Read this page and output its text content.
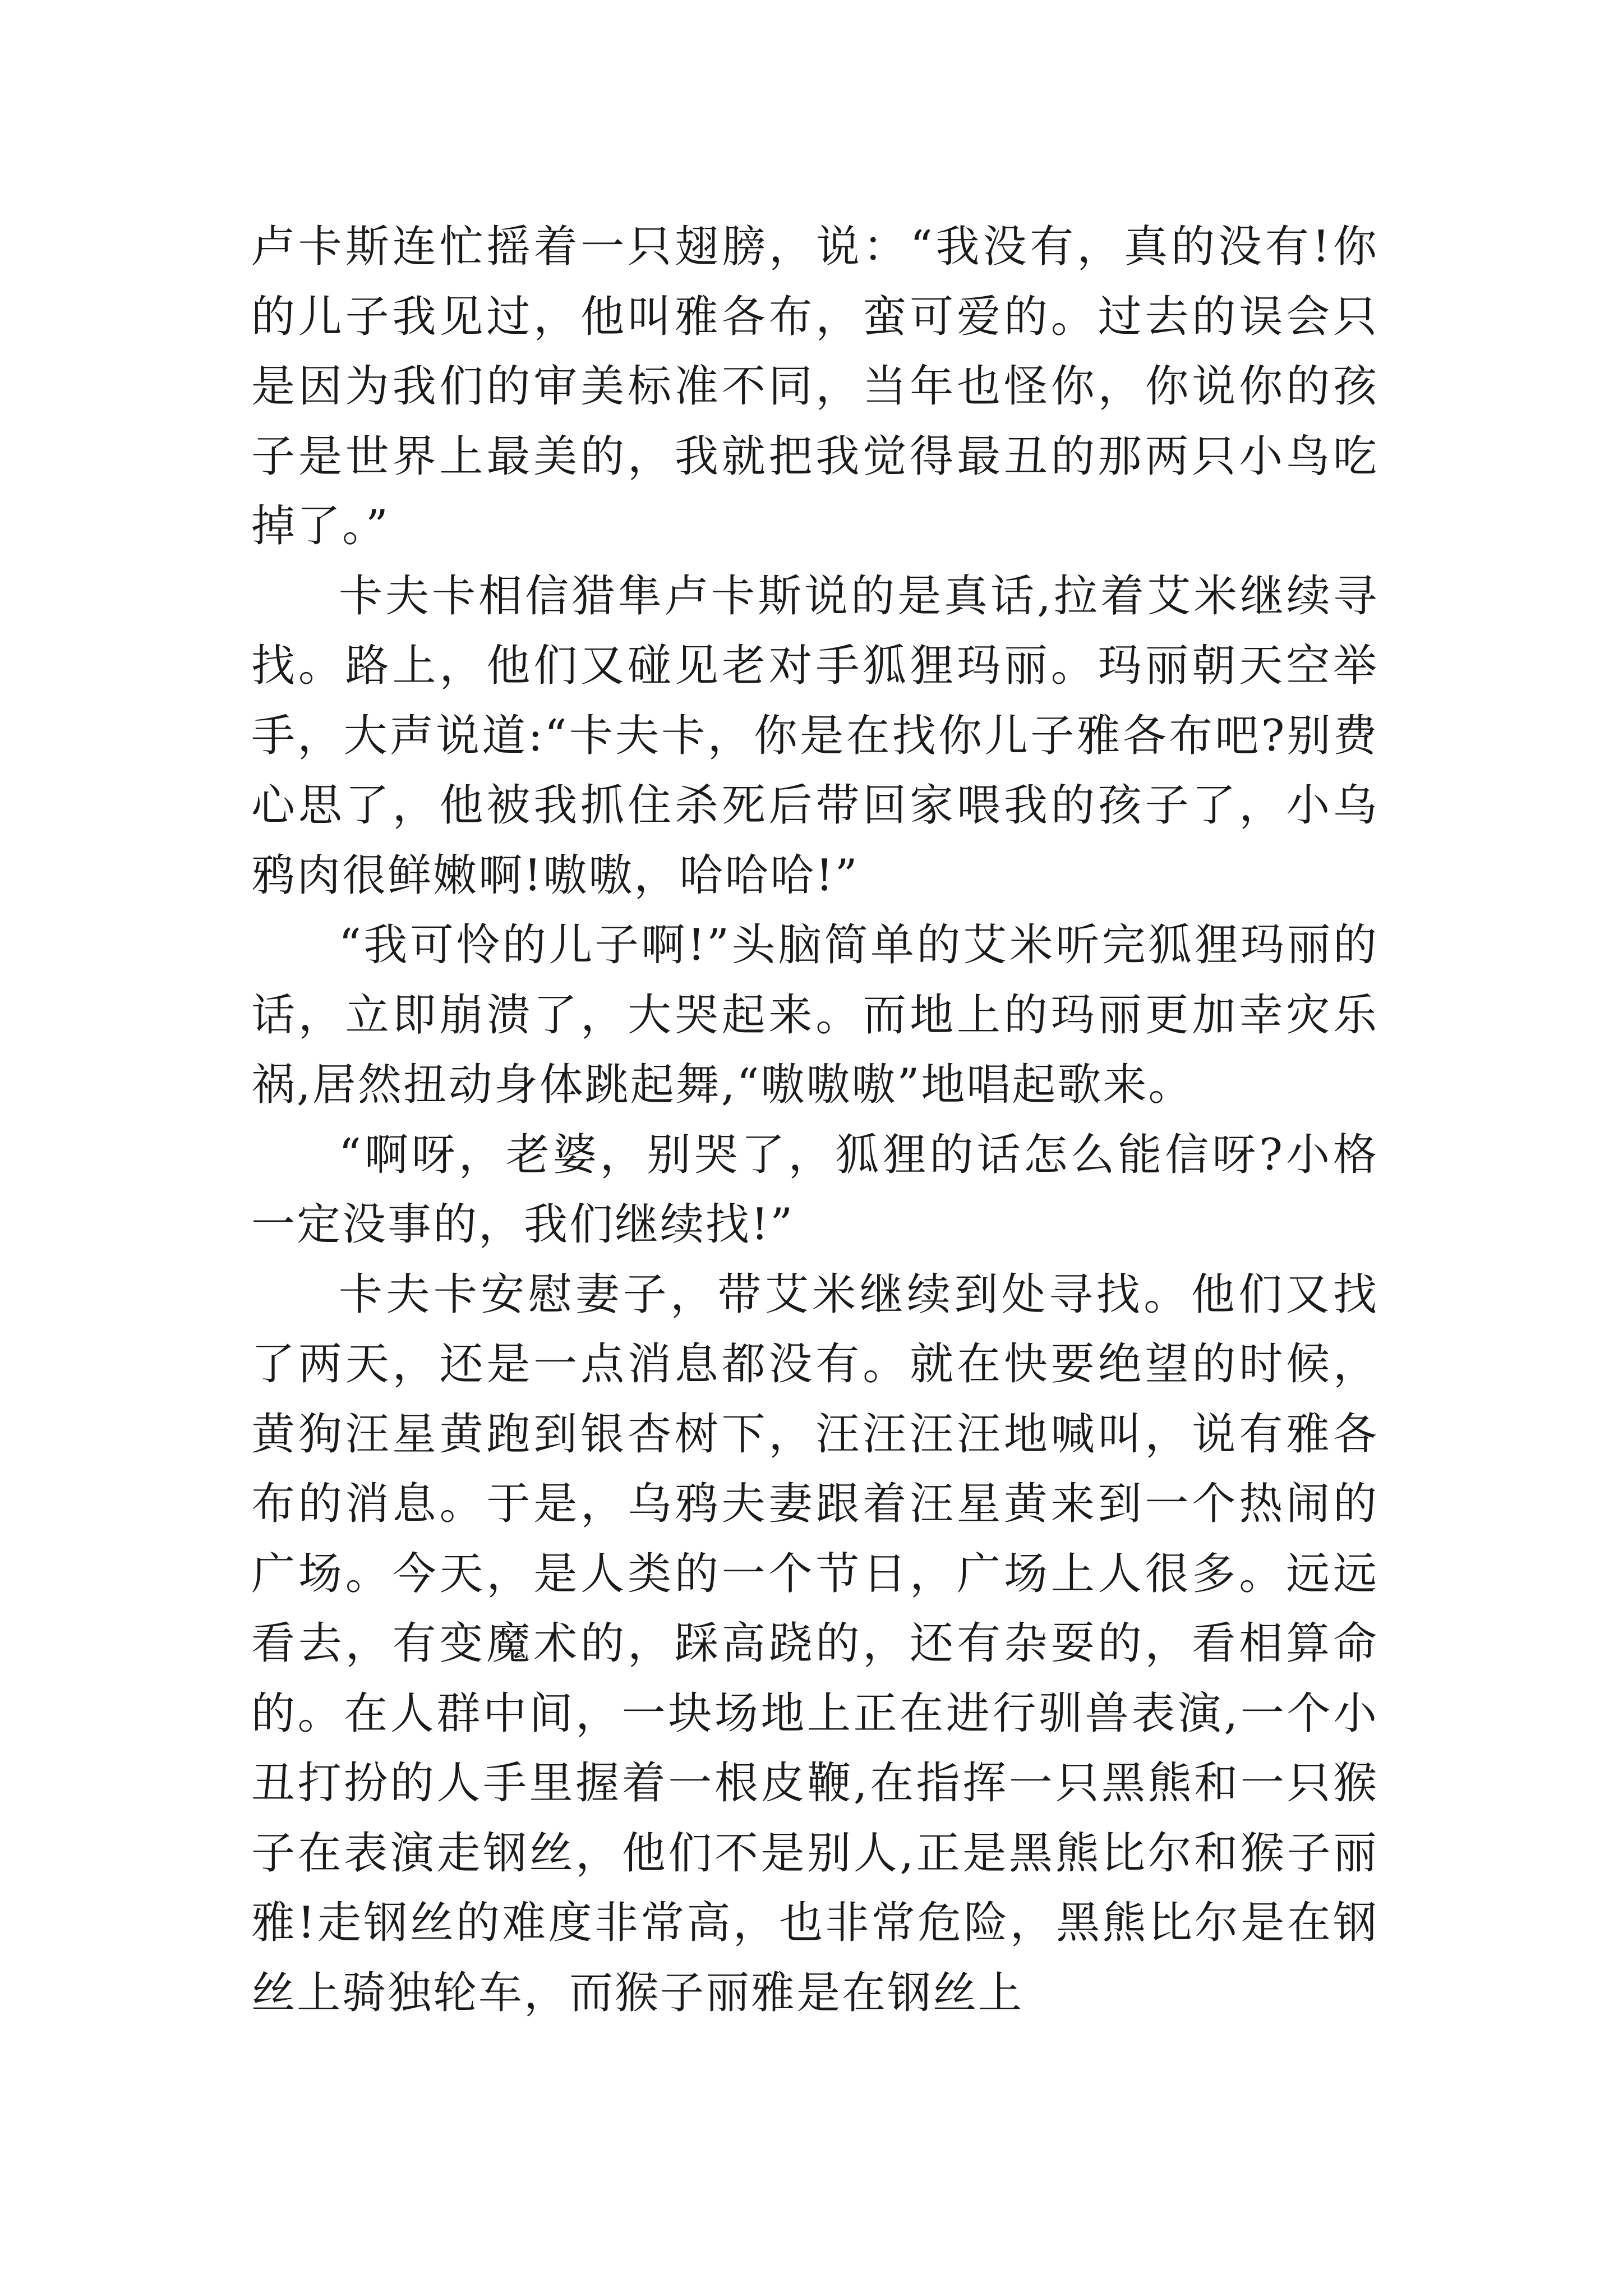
卢卡斯连忙摇着一只翅膀，说：“我没有，真的没有!你的儿子我见过，他叫雅各布，蛮可爱的。过去的误会只是因为我们的审美标准不同，当年也怪你，你说你的孩子是世界上最美的，我就把我觉得最丑的那两只小鸟吃掉了。”

卡夫卡相信猎隼卢卡斯说的是真话,拉着艾米继续寻找。路上，他们又碰见老对手狐狸玛丽。玛丽朝天空举手，大声说道:“卡夫卡，你是在找你儿子雅各布吧?别费心思了，他被我抓住杀死后带回家喂我的孩子了，小乌鸦肉很鲜嫩啊!嗷嗷，哈哈哈!”

“我可怜的儿子啊!”头脑简单的艾米听完狐狸玛丽的话，立即崩溃了，大哭起来。而地上的玛丽更加幸灾乐祸,居然扭动身体跳起舞,“嗷嗷嗷”地唱起歌来。

“啊呀，老婆，别哭了，狐狸的话怎么能信呀?小格一定没事的，我们继续找!”

卡夫卡安慰妻子，带艾米继续到处寻找。他们又找了两天，还是一点消息都没有。就在快要绝望的时候，黄狗汪星黄跑到银杏树下，汪汪汪汪地喊叫，说有雅各布的消息。于是，乌鸦夫妻跟着汪星黄来到一个热闹的广场。今天，是人类的一个节日，广场上人很多。远远看去，有变魔术的，踩高跷的，还有杂耍的，看相算命的。在人群中间，一块场地上正在进行驯兽表演,一个小丑打扮的人手里握着一根皮鞭,在指挥一只黑熊和一只猴子在表演走钢丝，他们不是别人,正是黑熊比尔和猴子丽雅!走钢丝的难度非常高，也非常危险，黑熊比尔是在钢丝上骑独轮车，而猴子丽雅是在钢丝上
